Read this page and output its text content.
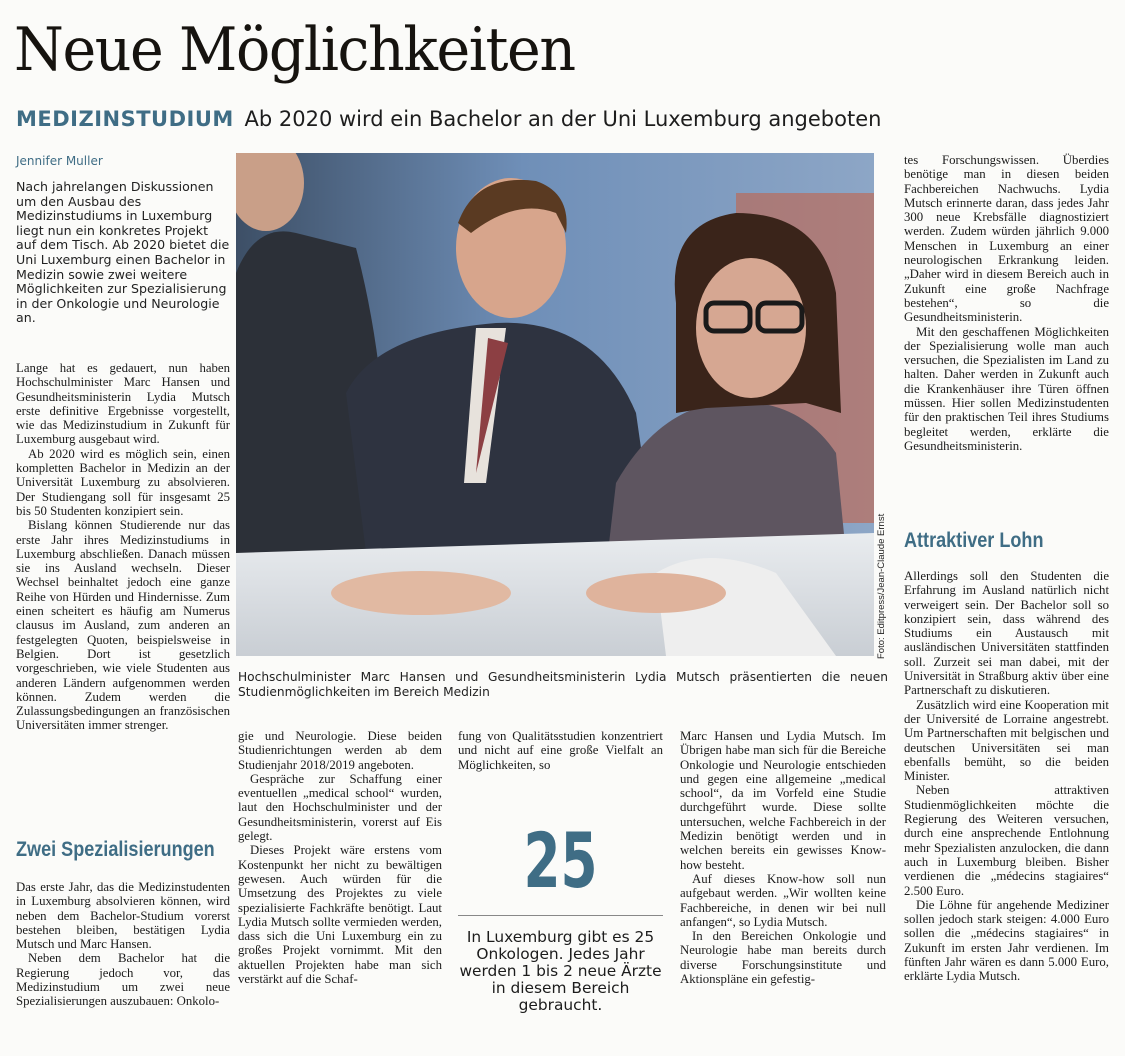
Neue Möglichkeiten
MEDIZINSTUDIUM Ab 2020 wird ein Bachelor an der Uni Luxemburg angeboten
Jennifer Muller

Nach jahrelangen Diskussionen um den Ausbau des Medizinstudiums in Luxemburg liegt nun ein konkretes Projekt auf dem Tisch. Ab 2020 bietet die Uni Luxemburg einen Bachelor in Medizin sowie zwei weitere Möglichkeiten zur Spezialisierung in der Onkologie und Neurologie an.

Lange hat es gedauert, nun haben Hochschulminister Marc Hansen und Gesundheitsministerin Lydia Mutsch erste definitive Ergebnisse vorgestellt, wie das Medizinstudium in Zukunft für Luxemburg ausgebaut wird.

Ab 2020 wird es möglich sein, einen kompletten Bachelor in Medizin an der Universität Luxemburg zu absolvieren. Der Studiengang soll für insgesamt 25 bis 50 Studenten konzipiert sein.

Bislang können Studierende nur das erste Jahr ihres Medizinstudiums in Luxemburg abschließen. Danach müssen sie ins Ausland wechseln. Dieser Wechsel beinhaltet jedoch eine ganze Reihe von Hürden und Hindernisse. Zum einen scheitert es häufig am Numerus clausus im Ausland, zum anderen an festgelegten Quoten, beispielsweise in Belgien. Dort ist gesetzlich vorgeschrieben, wie viele Studenten aus anderen Ländern aufgenommen werden können. Zudem werden die Zulassungsbedingungen an französischen Universitäten immer strenger.

Zwei Spezialisierungen

Das erste Jahr, das die Medizinstudenten in Luxemburg absolvieren können, wird neben dem Bachelor-Studium vorerst bestehen bleiben, bestätigen Lydia Mutsch und Marc Hansen.

Neben dem Bachelor hat die Regierung jedoch vor, das Medizinstudium um zwei neue Spezialisierungen auszubauen: Onkolo-

Foto: Editpress/Jean-Claude Ernst
Hochschulminister Marc Hansen und Gesundheitsministerin Lydia Mutsch präsentierten die neuen Studienmöglichkeiten im Bereich Medizin

gie und Neurologie. Diese beiden Studienrichtungen werden ab dem Studienjahr 2018/2019 angeboten.

Gespräche zur Schaffung einer eventuellen „medical school“ wurden, laut den Hochschulminister und der Gesundheitsministerin, vorerst auf Eis gelegt.

Dieses Projekt wäre erstens vom Kostenpunkt her nicht zu bewältigen gewesen. Auch würden für die Umsetzung des Projektes zu viele spezialisierte Fachkräfte benötigt. Laut Lydia Mutsch sollte vermieden werden, dass sich die Uni Luxemburg ein zu großes Projekt vornimmt. Mit den aktuellen Projekten habe man sich verstärkt auf die Schaf-

fung von Qualitätsstudien konzentriert und nicht auf eine große Vielfalt an Möglichkeiten, so

25
In Luxemburg gibt es 25 Onkologen. Jedes Jahr werden 1 bis 2 neue Ärzte in diesem Bereich gebraucht.

Marc Hansen und Lydia Mutsch. Im Übrigen habe man sich für die Bereiche Onkologie und Neurologie entschieden und gegen eine allgemeine „medical school“, da im Vorfeld eine Studie durchgeführt wurde. Diese sollte untersuchen, welche Fachbereich in der Medizin benötigt werden und in welchen bereits ein gewisses Know-how besteht.

Auf dieses Know-how soll nun aufgebaut werden. „Wir wollten keine Fachbereiche, in denen wir bei null anfangen“, so Lydia Mutsch.

In den Bereichen Onkologie und Neurologie habe man bereits durch diverse Forschungsinstitute und Aktionspläne ein gefestig-

tes Forschungswissen. Überdies benötige man in diesen beiden Fachbereichen Nachwuchs. Lydia Mutsch erinnerte daran, dass jedes Jahr 300 neue Krebsfälle diagnostiziert werden. Zudem würden jährlich 9.000 Menschen in Luxemburg an einer neurologischen Erkrankung leiden. „Daher wird in diesem Bereich auch in Zukunft eine große Nachfrage bestehen“, so die Gesundheitsministerin.

Mit den geschaffenen Möglichkeiten der Spezialisierung wolle man auch versuchen, die Spezialisten im Land zu halten. Daher werden in Zukunft auch die Krankenhäuser ihre Türen öffnen müssen. Hier sollen Medizinstudenten für den praktischen Teil ihres Studiums begleitet werden, erklärte die Gesundheitsministerin.

Attraktiver Lohn

Allerdings soll den Studenten die Erfahrung im Ausland natürlich nicht verweigert sein. Der Bachelor soll so konzipiert sein, dass während des Studiums ein Austausch mit ausländischen Universitäten stattfinden soll. Zurzeit sei man dabei, mit der Universität in Straßburg aktiv über eine Partnerschaft zu diskutieren.

Zusätzlich wird eine Kooperation mit der Université de Lorraine angestrebt. Um Partnerschaften mit belgischen und deutschen Universitäten sei man ebenfalls bemüht, so die beiden Minister.

Neben attraktiven Studienmöglichkeiten möchte die Regierung des Weiteren versuchen, durch eine ansprechende Entlohnung mehr Spezialisten anzulocken, die dann auch in Luxemburg bleiben. Bisher verdienen die „médecins stagiaires“ 2.500 Euro.

Die Löhne für angehende Mediziner sollen jedoch stark steigen: 4.000 Euro sollen die „médecins stagiaires“ in Zukunft im ersten Jahr verdienen. Im fünften Jahr wären es dann 5.000 Euro, erklärte Lydia Mutsch.
